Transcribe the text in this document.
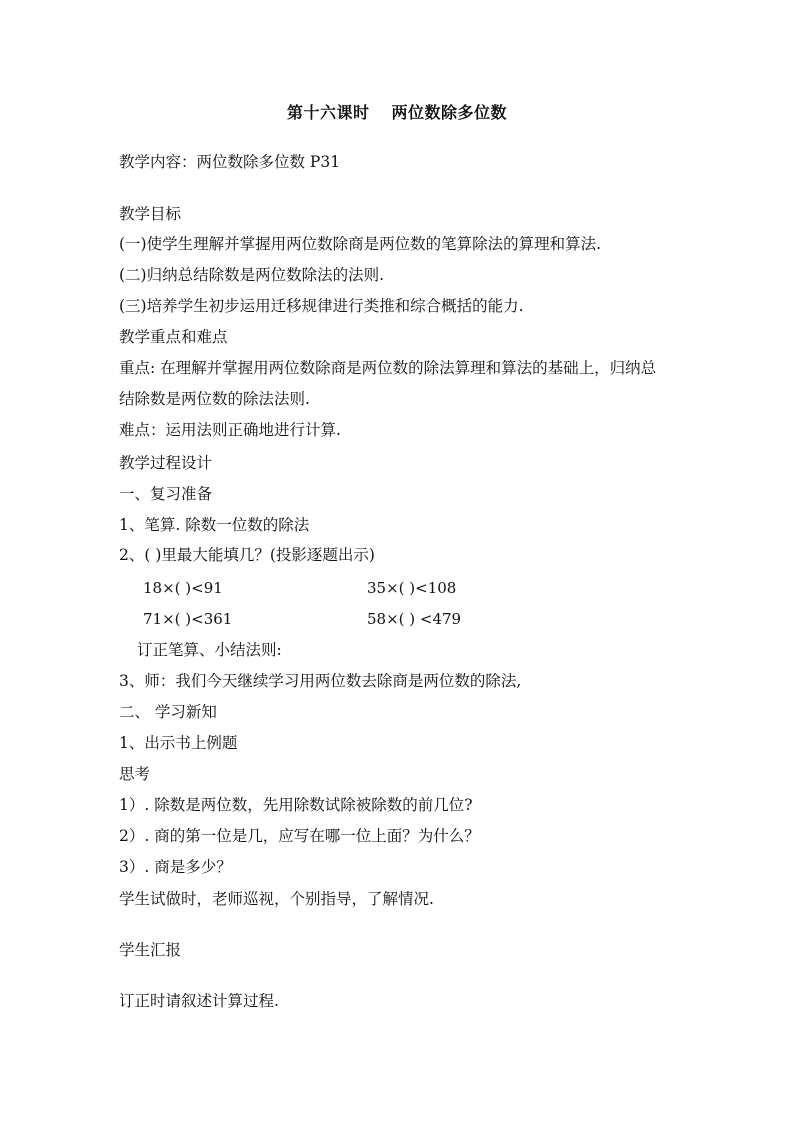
第十六课时 两位数除多位数
教学内容：两位数除多位数 P31
教学目标
(一)使学生理解并掌握用两位数除商是两位数的笔算除法的算理和算法.
(二)归纳总结除数是两位数除法的法则.
(三)培养学生初步运用迁移规律进行类推和综合概括的能力.
教学重点和难点
重点: 在理解并掌握用两位数除商是两位数的除法算理和算法的基础上，归纳总
结除数是两位数的除法法则.
难点：运用法则正确地进行计算.
教学过程设计
一、复习准备
1、笔算. 除数一位数的除法
2、( )里最大能填几？(投影逐题出示)
18×( )<91	35×( )<108
71×( )<361	58×( ) <479
订正笔算、小结法则:
3、师：我们今天继续学习用两位数去除商是两位数的除法,
二、 学习新知
1、出示书上例题
思考
1）. 除数是两位数，先用除数试除被除数的前几位?
2）. 商的第一位是几，应写在哪一位上面？为什么？
3）. 商是多少？
学生试做时，老师巡视，个别指导，了解情况.
学生汇报
订正时请叙述计算过程.
